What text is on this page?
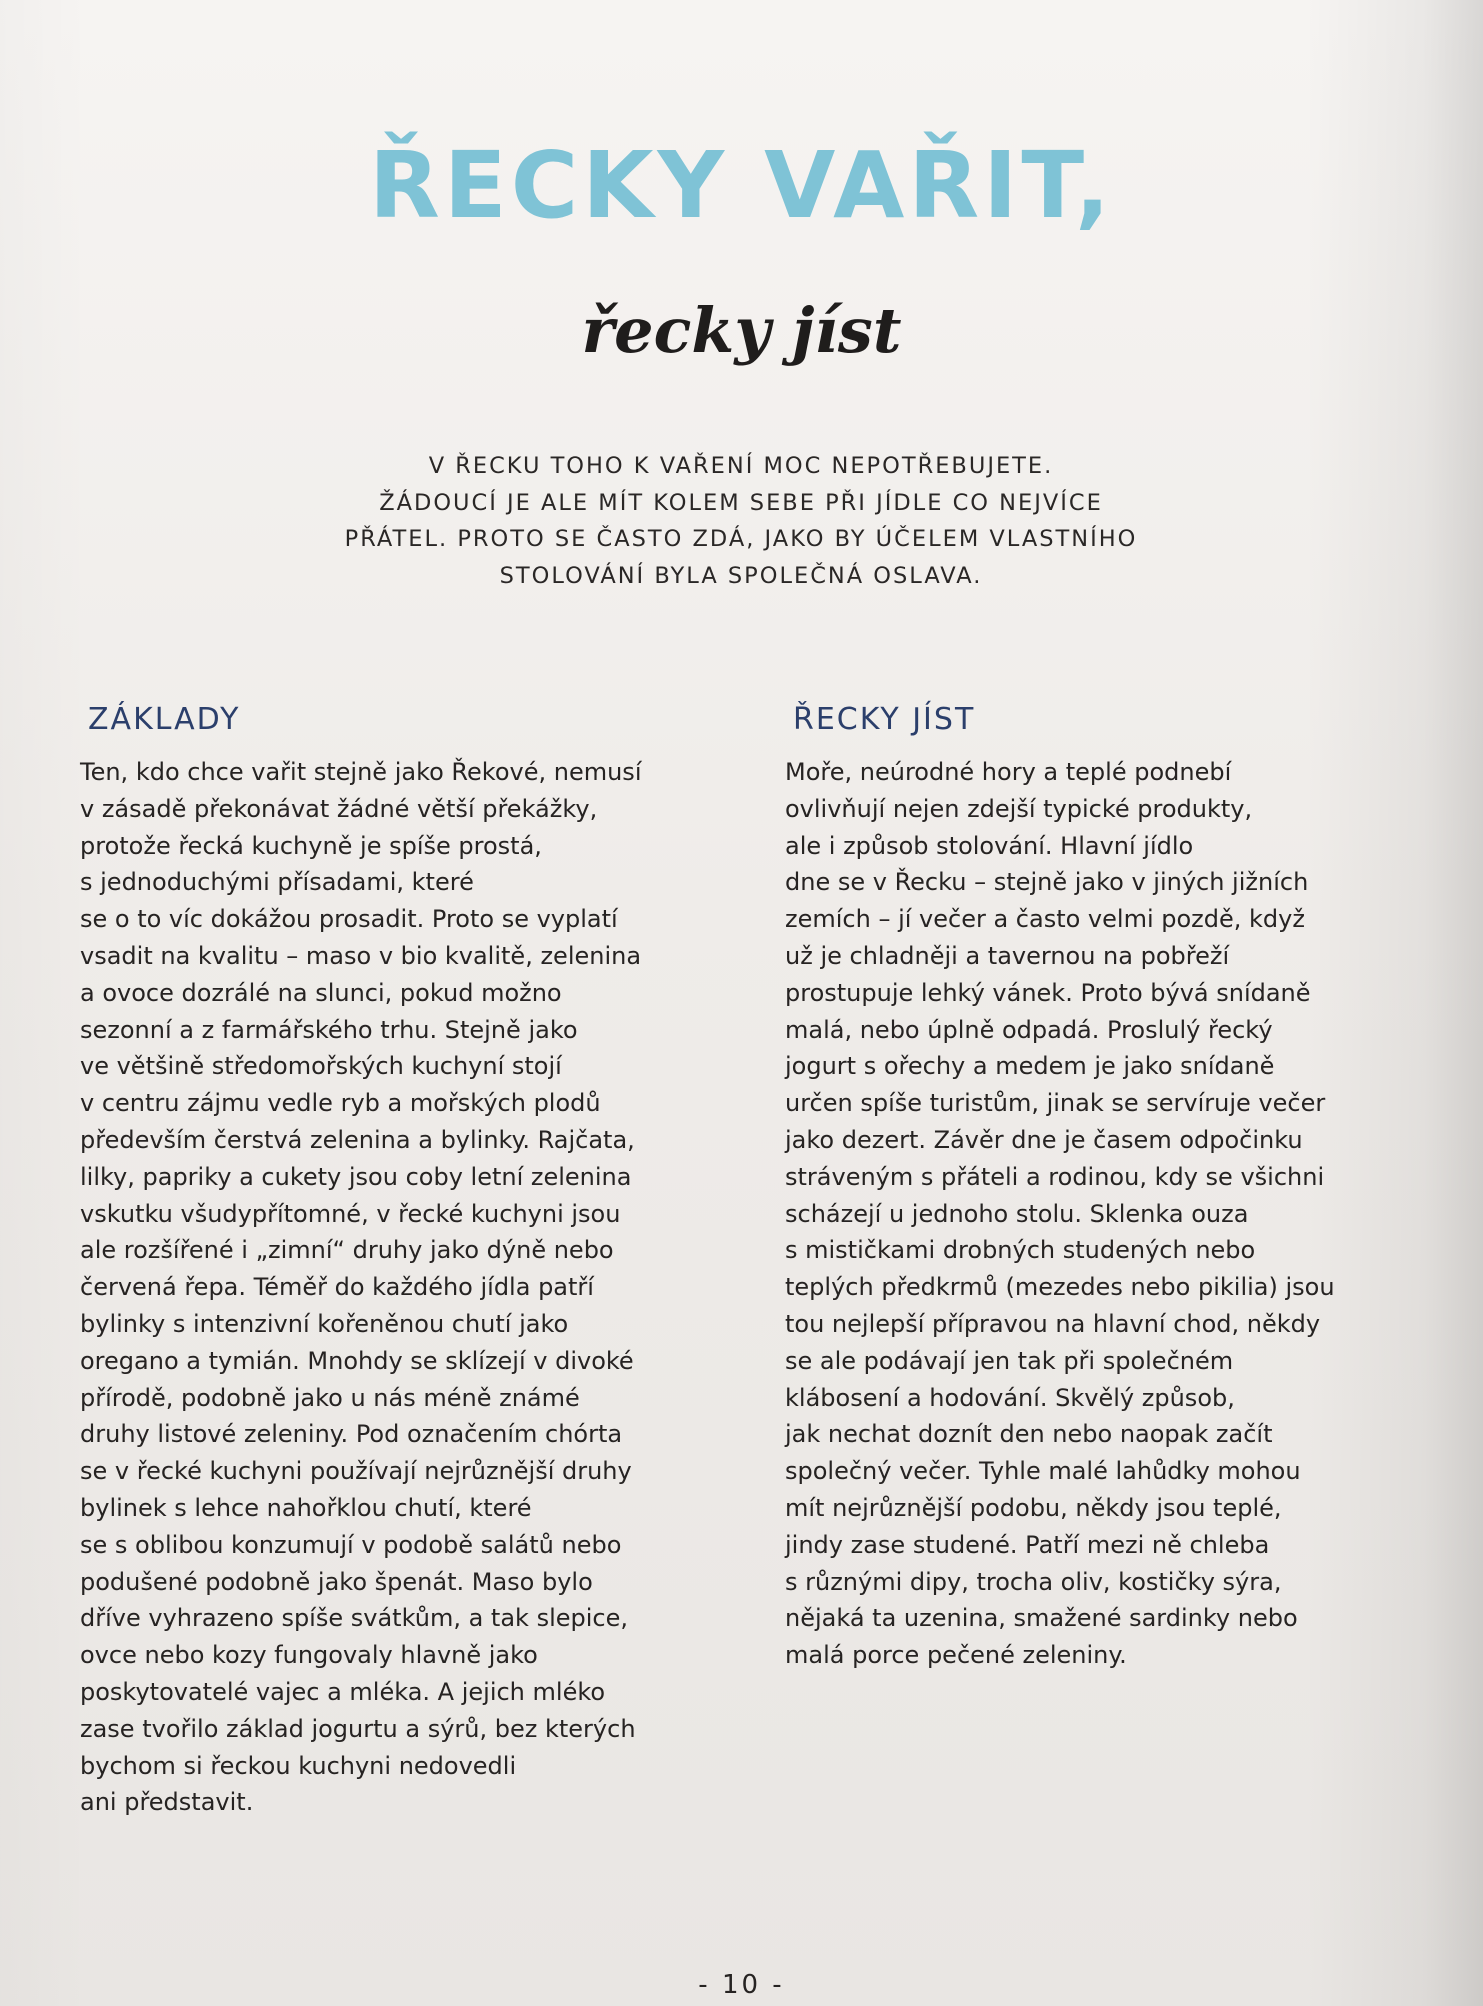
ŘECKY VAŘIT,
řecky jíst
V ŘECKU TOHO K VAŘENÍ MOC NEPOTŘEBUJETE.
ŽÁDOUCÍ JE ALE MÍT KOLEM SEBE PŘI JÍDLE CO NEJVÍCE
PŘÁTEL. PROTO SE ČASTO ZDÁ, JAKO BY ÚČELEM VLASTNÍHO
STOLOVÁNÍ BYLA SPOLEČNÁ OSLAVA.
ZÁKLADY
Ten, kdo chce vařit stejně jako Řekové, nemusí
v zásadě překonávat žádné větší překážky,
protože řecká kuchyně je spíše prostá,
s jednoduchými přísadami, které
se o to víc dokážou prosadit. Proto se vyplatí
vsadit na kvalitu – maso v bio kvalitě, zelenina
a ovoce dozrálé na slunci, pokud možno
sezonní a z farmářského trhu. Stejně jako
ve většině středomořských kuchyní stojí
v centru zájmu vedle ryb a mořských plodů
především čerstvá zelenina a bylinky. Rajčata,
lilky, papriky a cukety jsou coby letní zelenina
vskutku všudypřítomné, v řecké kuchyni jsou
ale rozšířené i „zimní“ druhy jako dýně nebo
červená řepa. Téměř do každého jídla patří
bylinky s intenzivní kořeněnou chutí jako
oregano a tymián. Mnohdy se sklízejí v divoké
přírodě, podobně jako u nás méně známé
druhy listové zeleniny. Pod označením chórta
se v řecké kuchyni používají nejrůznější druhy
bylinek s lehce nahořklou chutí, které
se s oblibou konzumují v podobě salátů nebo
podušené podobně jako špenát. Maso bylo
dříve vyhrazeno spíše svátkům, a tak slepice,
ovce nebo kozy fungovaly hlavně jako
poskytovatelé vajec a mléka. A jejich mléko
zase tvořilo základ jogurtu a sýrů, bez kterých
bychom si řeckou kuchyni nedovedli
ani představit.
ŘECKY JÍST
Moře, neúrodné hory a teplé podnebí
ovlivňují nejen zdejší typické produkty,
ale i způsob stolování. Hlavní jídlo
dne se v Řecku – stejně jako v jiných jižních
zemích – jí večer a často velmi pozdě, když
už je chladněji a tavernou na pobřeží
prostupuje lehký vánek. Proto bývá snídaně
malá, nebo úplně odpadá. Proslulý řecký
jogurt s ořechy a medem je jako snídaně
určen spíše turistům, jinak se servíruje večer
jako dezert. Závěr dne je časem odpočinku
stráveným s přáteli a rodinou, kdy se všichni
scházejí u jednoho stolu. Sklenka ouza
s mističkami drobných studených nebo
teplých předkrmů (mezedes nebo pikilia) jsou
tou nejlepší přípravou na hlavní chod, někdy
se ale podávají jen tak při společném
klábosení a hodování. Skvělý způsob,
jak nechat doznít den nebo naopak začít
společný večer. Tyhle malé lahůdky mohou
mít nejrůznější podobu, někdy jsou teplé,
jindy zase studené. Patří mezi ně chleba
s různými dipy, trocha oliv, kostičky sýra,
nějaká ta uzenina, smažené sardinky nebo
malá porce pečené zeleniny.
- 10 -
